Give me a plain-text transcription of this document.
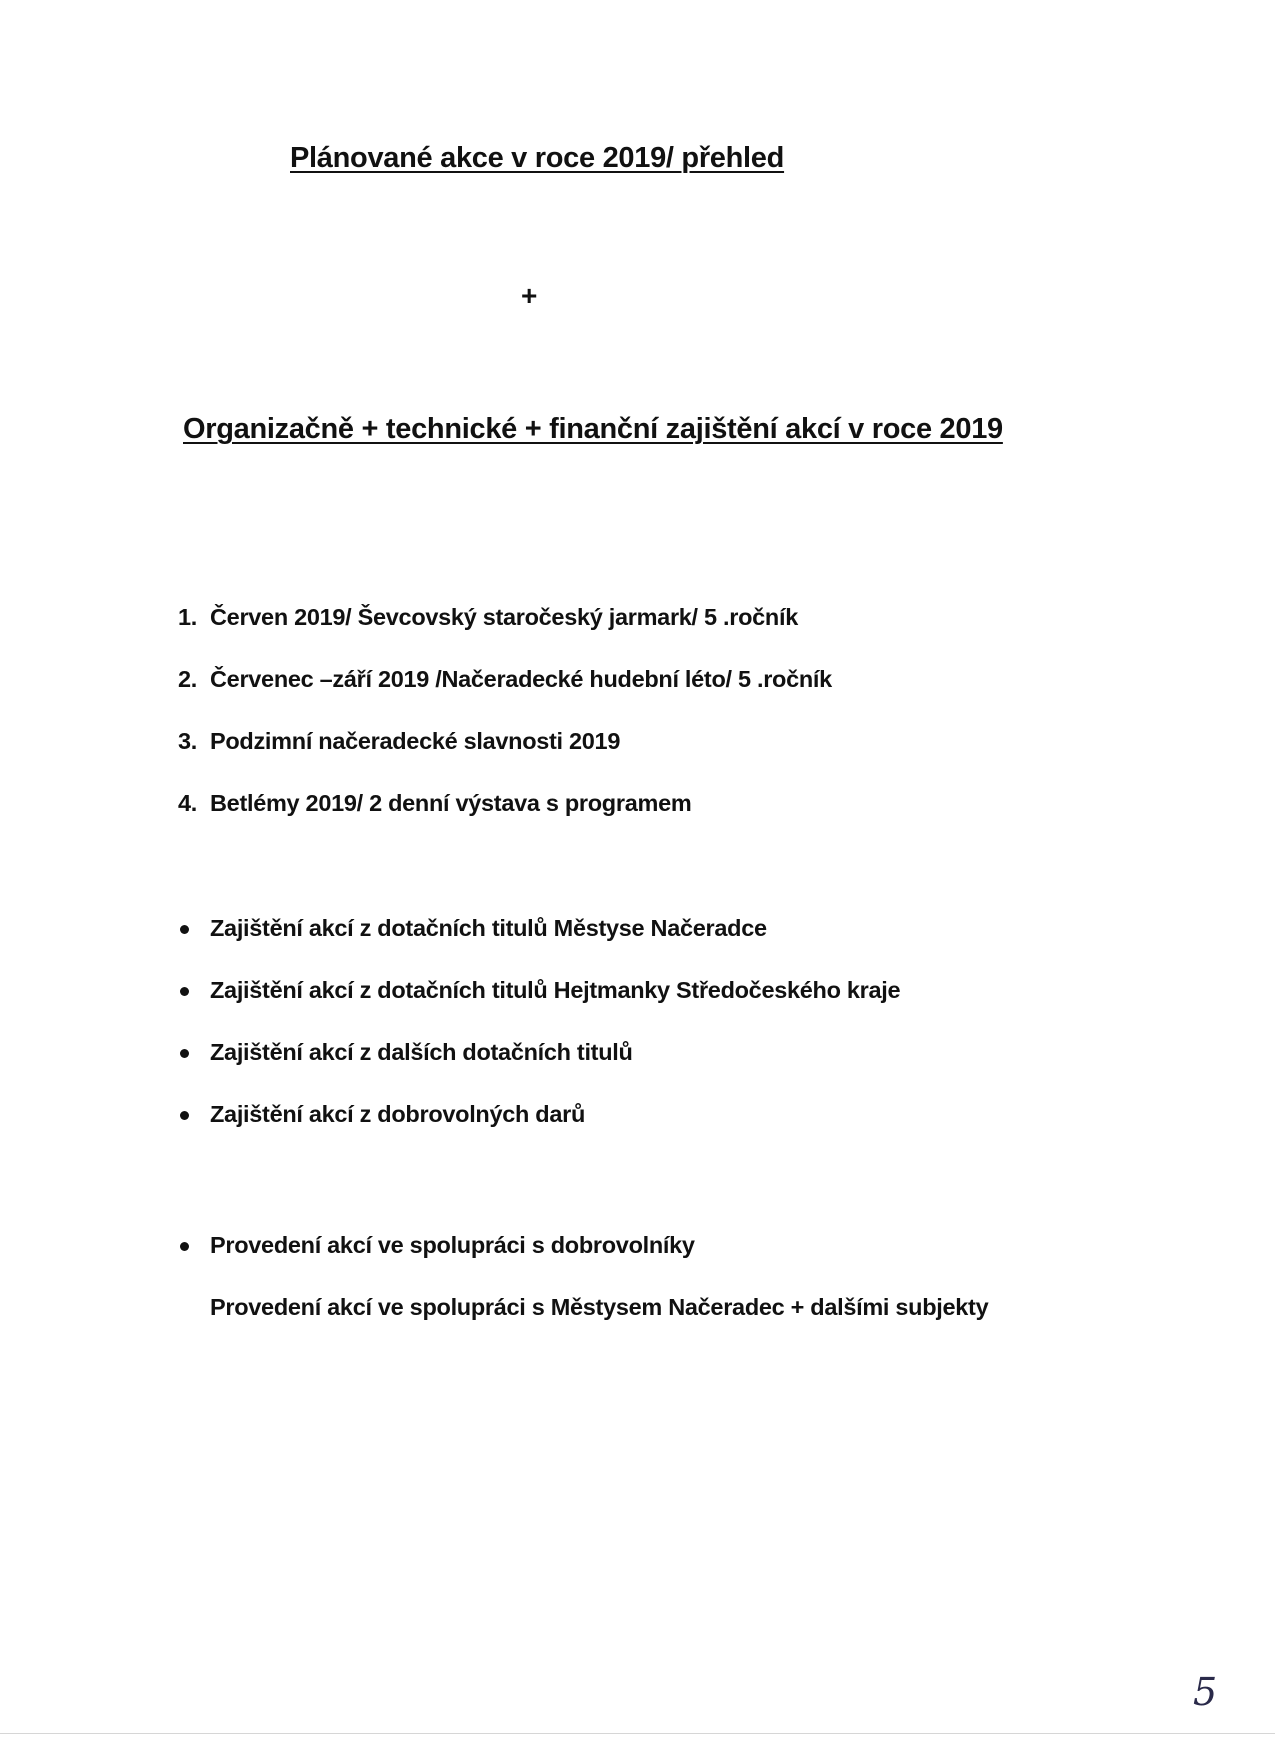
Plánované akce v roce 2019/ přehled
+
Organizačně + technické + finanční zajištění akcí v roce 2019
1. Červen 2019/ Ševcovský staročeský jarmark/ 5 .ročník
2. Červenec –září 2019 /Načeradecké hudební léto/ 5 .ročník
3. Podzimní načeradecké slavnosti 2019
4. Betlémy 2019/ 2 denní výstava s programem
Zajištění akcí z dotačních titulů Městyse Načeradce
Zajištění akcí z dotačních titulů Hejtmanky Středočeského kraje
Zajištění akcí z dalších dotačních titulů
Zajištění akcí z dobrovolných darů
Provedení akcí ve spolupráci s dobrovolníky
Provedení akcí ve spolupráci s Městysem Načeradec + dalšími subjekty
5
